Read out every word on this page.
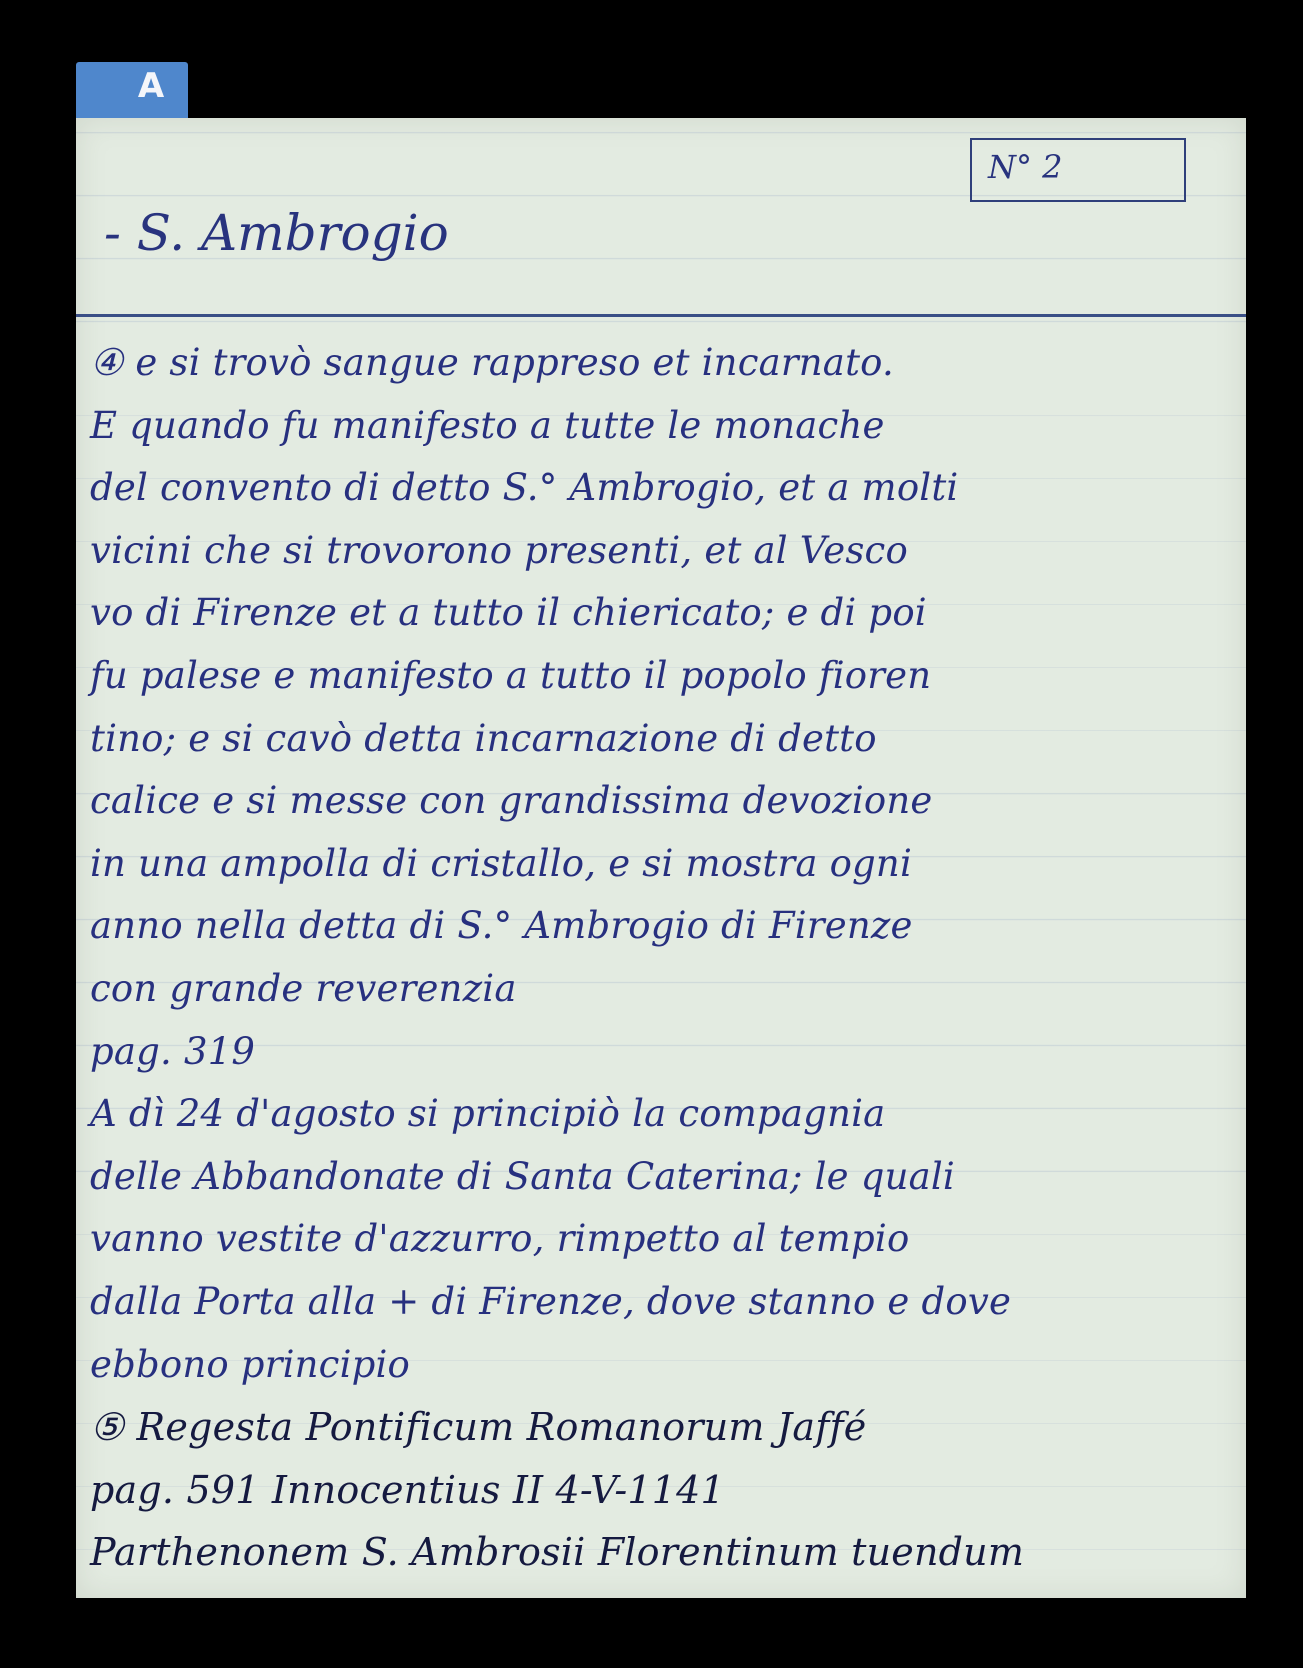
A
N° 2
- S. Ambrogio
④ e si trovò sangue rappreso et incarnato.
E quando fu manifesto a tutte le monache
del convento di detto S.° Ambrogio, et a molti
vicini che si trovorono presenti, et al Vesco
vo di Firenze et a tutto il chiericato; e di poi
fu palese e manifesto a tutto il popolo fioren
tino; e si cavò detta incarnazione di detto
calice e si messe con grandissima devozione
in una ampolla di cristallo, e si mostra ogni
anno nella detta di S.° Ambrogio di Firenze
con grande reverenzia
pag. 319
A dì 24 d'agosto si principiò la compagnia
delle Abbandonate di Santa Caterina; le quali
vanno vestite d'azzurro, rimpetto al tempio
dalla Porta alla + di Firenze, dove stanno e dove
ebbono principio
⑤ Regesta Pontificum Romanorum Jaffé
pag. 591 Innocentius II 4-V-1141
Parthenonem S. Ambrosii Florentinum tuendum
